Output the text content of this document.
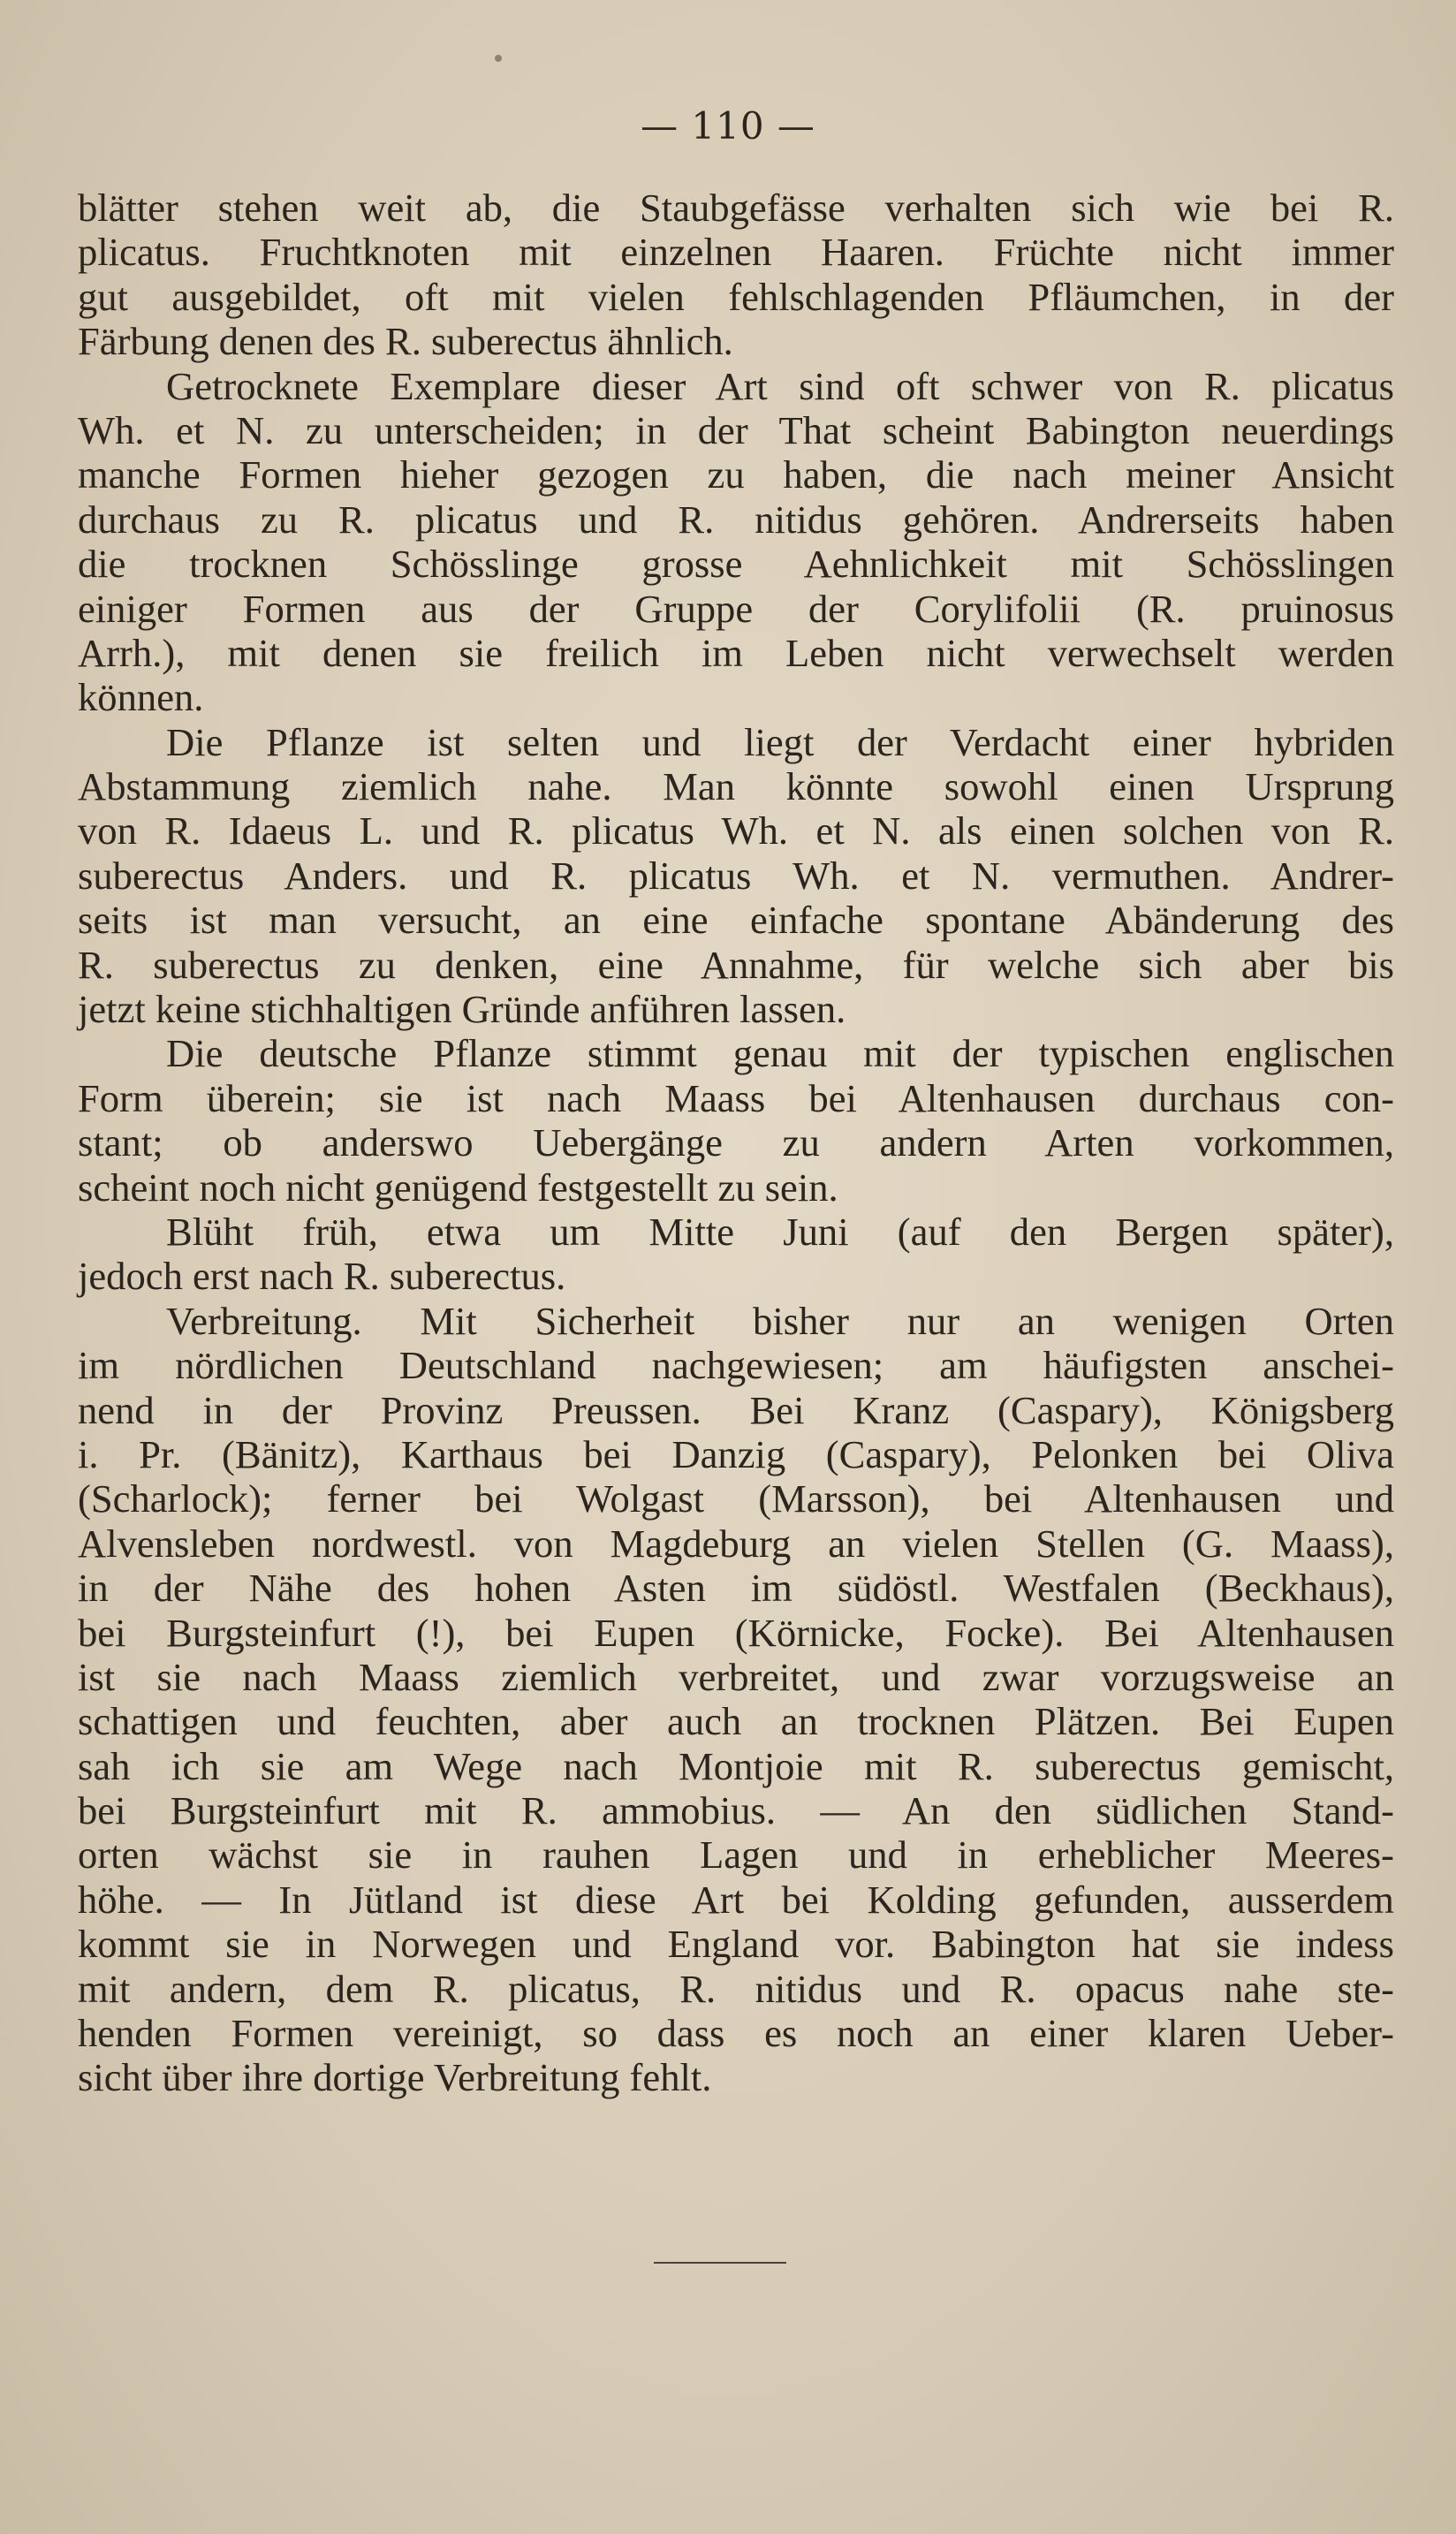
— 110 —
blätter stehen weit ab, die Staubgefässe verhalten sich wie bei R.
plicatus. Fruchtknoten mit einzelnen Haaren. Früchte nicht immer
gut ausgebildet, oft mit vielen fehlschlagenden Pfläumchen, in der
Färbung denen des R. suberectus ähnlich.
Getrocknete Exemplare dieser Art sind oft schwer von R. plicatus
Wh. et N. zu unterscheiden; in der That scheint Babington neuerdings
manche Formen hieher gezogen zu haben, die nach meiner Ansicht
durchaus zu R. plicatus und R. nitidus gehören. Andrerseits haben
die trocknen Schösslinge grosse Aehnlichkeit mit Schösslingen
einiger Formen aus der Gruppe der Corylifolii (R. pruinosus
Arrh.), mit denen sie freilich im Leben nicht verwechselt werden
können.
Die Pflanze ist selten und liegt der Verdacht einer hybriden
Abstammung ziemlich nahe. Man könnte sowohl einen Ursprung
von R. Idaeus L. und R. plicatus Wh. et N. als einen solchen von R.
suberectus Anders. und R. plicatus Wh. et N. vermuthen. Andrer-
seits ist man versucht, an eine einfache spontane Abänderung des
R. suberectus zu denken, eine Annahme, für welche sich aber bis
jetzt keine stichhaltigen Gründe anführen lassen.
Die deutsche Pflanze stimmt genau mit der typischen englischen
Form überein; sie ist nach Maass bei Altenhausen durchaus con-
stant; ob anderswo Uebergänge zu andern Arten vorkommen,
scheint noch nicht genügend festgestellt zu sein.
Blüht früh, etwa um Mitte Juni (auf den Bergen später),
jedoch erst nach R. suberectus.
Verbreitung. Mit Sicherheit bisher nur an wenigen Orten
im nördlichen Deutschland nachgewiesen; am häufigsten anschei-
nend in der Provinz Preussen. Bei Kranz (Caspary), Königsberg
i. Pr. (Bänitz), Karthaus bei Danzig (Caspary), Pelonken bei Oliva
(Scharlock); ferner bei Wolgast (Marsson), bei Altenhausen und
Alvensleben nordwestl. von Magdeburg an vielen Stellen (G. Maass),
in der Nähe des hohen Asten im südöstl. Westfalen (Beckhaus),
bei Burgsteinfurt (!), bei Eupen (Körnicke, Focke). Bei Altenhausen
ist sie nach Maass ziemlich verbreitet, und zwar vorzugsweise an
schattigen und feuchten, aber auch an trocknen Plätzen. Bei Eupen
sah ich sie am Wege nach Montjoie mit R. suberectus gemischt,
bei Burgsteinfurt mit R. ammobius. — An den südlichen Stand-
orten wächst sie in rauhen Lagen und in erheblicher Meeres-
höhe. — In Jütland ist diese Art bei Kolding gefunden, ausserdem
kommt sie in Norwegen und England vor. Babington hat sie indess
mit andern, dem R. plicatus, R. nitidus und R. opacus nahe ste-
henden Formen vereinigt, so dass es noch an einer klaren Ueber-
sicht über ihre dortige Verbreitung fehlt.
